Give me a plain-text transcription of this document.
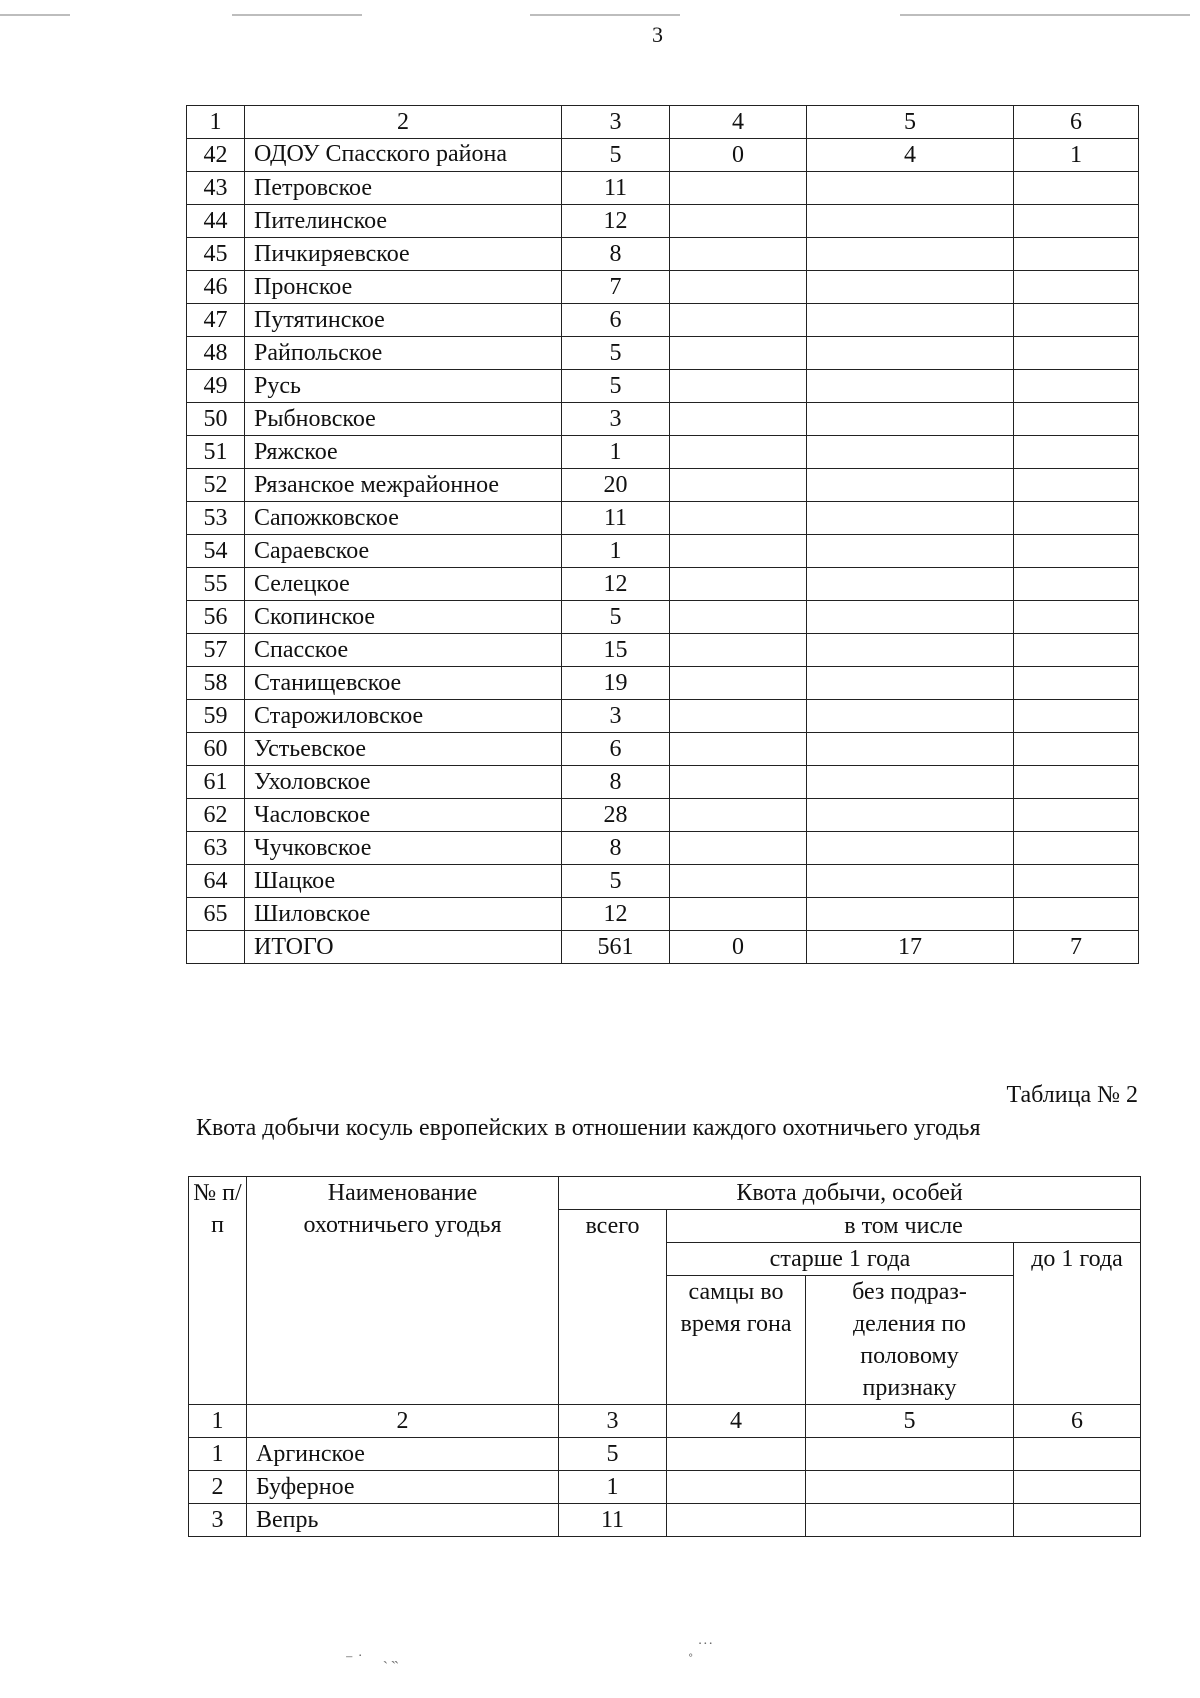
3
1	2	3	4	5	6
42	ОДОУ Спасского района	5	0	4	1
43	Петровское	11			
44	Пителинское	12			
45	Пичкиряевское	8			
46	Пронское	7			
47	Путятинское	6			
48	Райпольское	5			
49	Русь	5			
50	Рыбновское	3			
51	Ряжское	1			
52	Рязанское межрайонное	20			
53	Сапожковское	11			
54	Сараевское	1			
55	Селецкое	12			
56	Скопинское	5			
57	Спасское	15			
58	Станищевское	19			
59	Старожиловское	3			
60	Устьевское	6			
61	Ухоловское	8			
62	Часловское	28			
63	Чучковское	8			
64	Шацкое	5			
65	Шиловское	12			
	ИТОГО	561	0	17	7
Таблица № 2
Квота добычи косуль европейских в отношении каждого охотничьего угодья
№ п/п	Наименование охотничьего угодья	Квота добычи, особей			
		всего	в том числе		
			старше 1 года		до 1 года
			самцы во время гона	без подраз-деления по половому признаку	
1	2	3	4	5	6
1	Аргинское	5			
2	Буферное	1			
3	Вепрь	11			
⁻ ˙     ˴ ˵
˳ ˙˙˙
